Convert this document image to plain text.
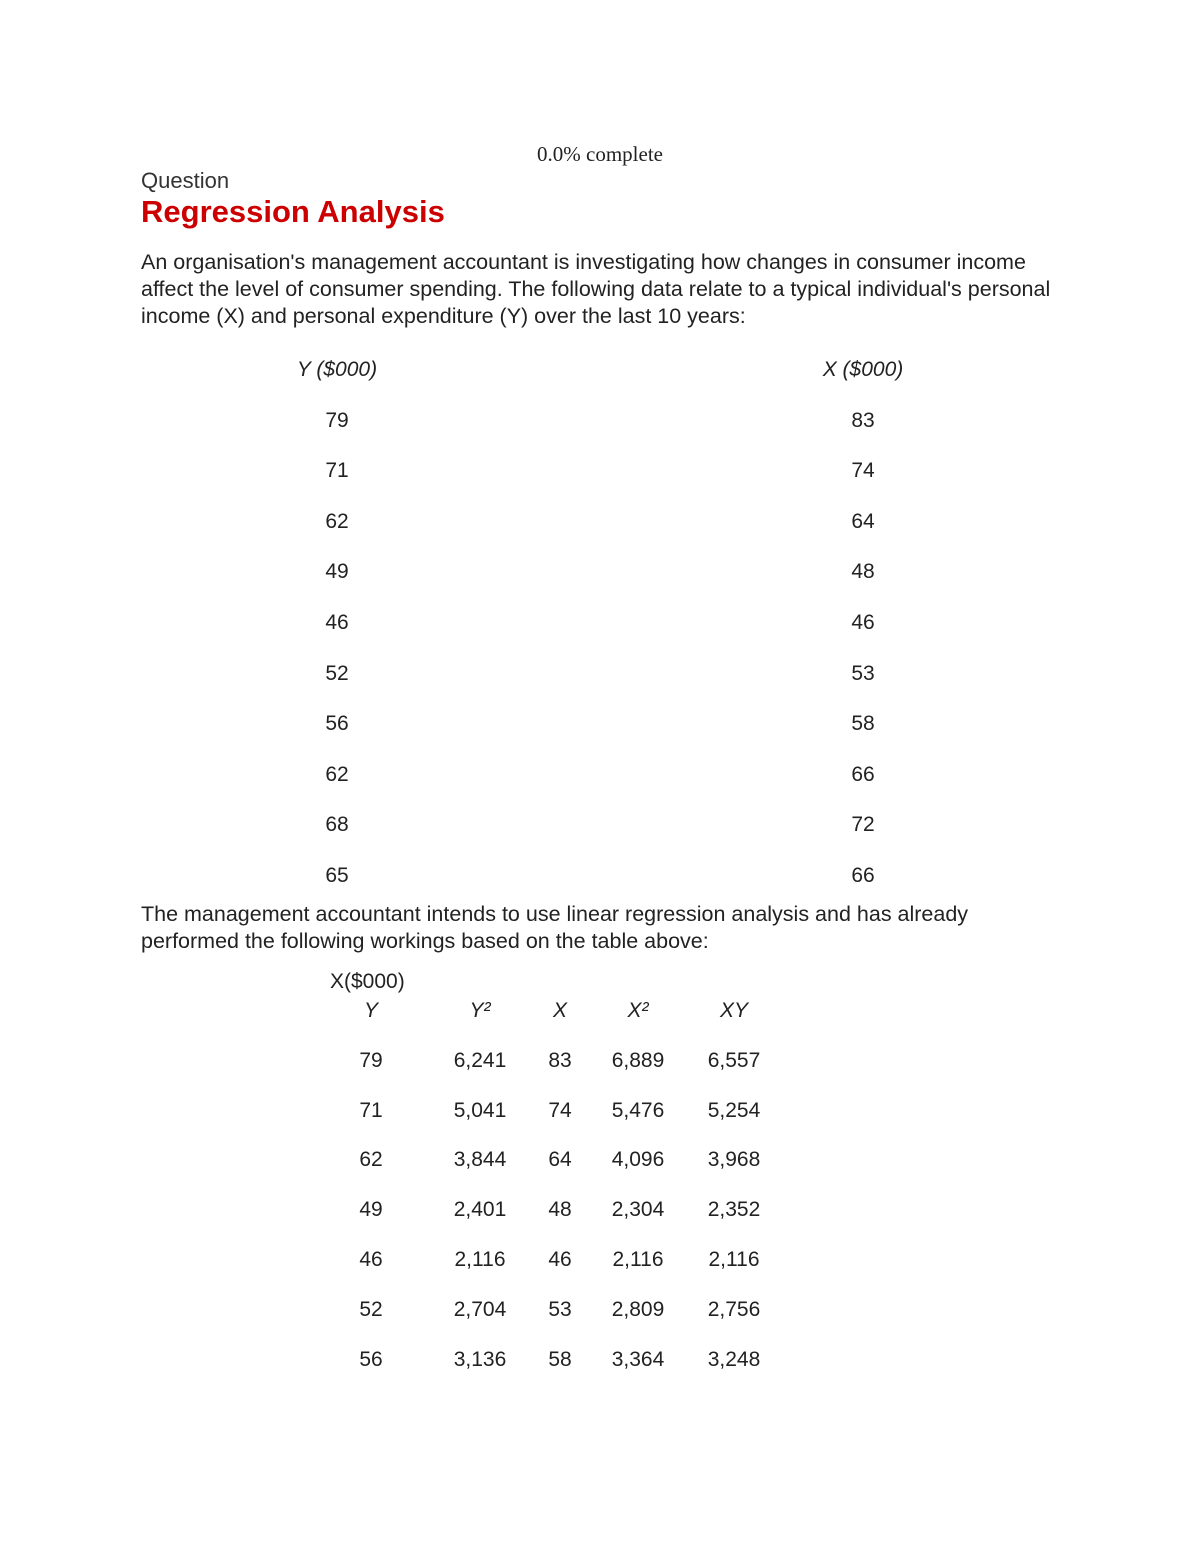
0.0% complete
Question
Regression Analysis

An organisation's management accountant is investigating how changes in consumer income affect the level of consumer spending. The following data relate to a typical individual's personal income (X) and personal expenditure (Y) over the last 10 years:

Y ($000)
79
71
62
49
46
52
56
62
68
65
X ($000)
83
74
64
48
46
53
58
66
72
66

The management accountant intends to use linear regression analysis and has already performed the following workings based on the table above:

X($000)
Y
79
71
62
49
46
52
56
Y²
6,241
5,041
3,844
2,401
2,116
2,704
3,136
X
83
74
64
48
46
53
58
X²
6,889
5,476
4,096
2,304
2,116
2,809
3,364
XY
6,557
5,254
3,968
2,352
2,116
2,756
3,248
